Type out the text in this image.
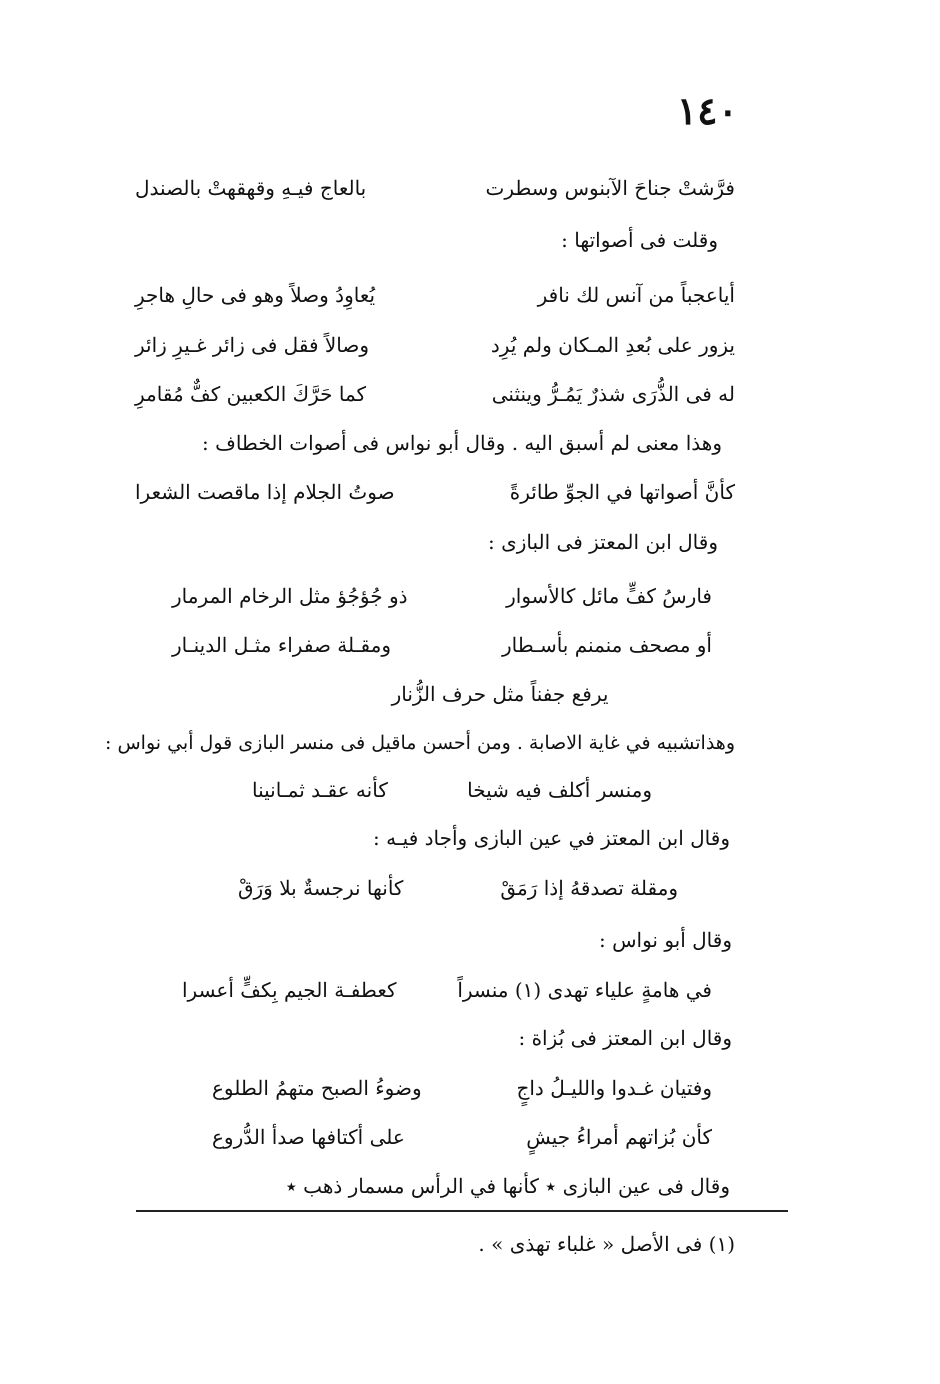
١٤٠
فرَّشتْ جناحَ الآبنوس وسطرت
بالعاج فيـهِ وقهقهتْ بالصندل
وقلت فى أصواتها :
أياعجباً من آنس لك نافر
يُعاوِدُ وصلاً وهو فى حالِ هاجرِ
يزور على بُعدِ المـكان ولم يُرِد
وصالاً فقل فى زائر غـيرِ زائر
له فى الذُّرَى شذرٌ يَمُـرُّ وينثنى
كما حَرَّكَ الكعبين كفٌّ مُقامرِ
وهذا معنى لم أسبق اليه . وقال أبو نواس فى أصوات الخطاف :
كأنَّ أصواتها في الجوِّ طائرةً
صوتُ الجلام إذا ماقصت الشعرا
وقال ابن المعتز فى البازى :
فارسُ كفٍّ مائل كالأسوار
ذو جُؤجُؤ مثل الرخام المرمار
أو مصحف منمنم بأسـطار
ومقـلة صفراء مثـل الدينـار
يرفع جفناً مثل حرف الزُّنار
وهذاتشبيه في غاية الاصابة . ومن أحسن ماقيل فى منسر البازى قول أبي نواس :
ومنسر أكلف فيه شيخا
كأنه عقـد ثمـانينا
وقال ابن المعتز في عين البازى وأجاد فيـه :
ومقلة تصدقهُ إذا رَمَقْ
كأنها نرجسةٌ بلا وَرَقْ
وقال أبو نواس :
في هامةٍ علياء تهدى (١) منسراً
كعطفـة الجيم بِكفٍّ أعسرا
وقال ابن المعتز فى بُزاة :
وفتيان غـدوا والليـلُ داجٍ
وضوءُ الصبح متهمُ الطلوع
كأن بُزاتهم أمراءُ جيشٍ
على أكتافها صدأ الدُّروع
وقال فى عين البازى ٭ كأنها في الرأس مسمار ذهب ٭
(١) فى الأصل « غلباء تهذى » .
